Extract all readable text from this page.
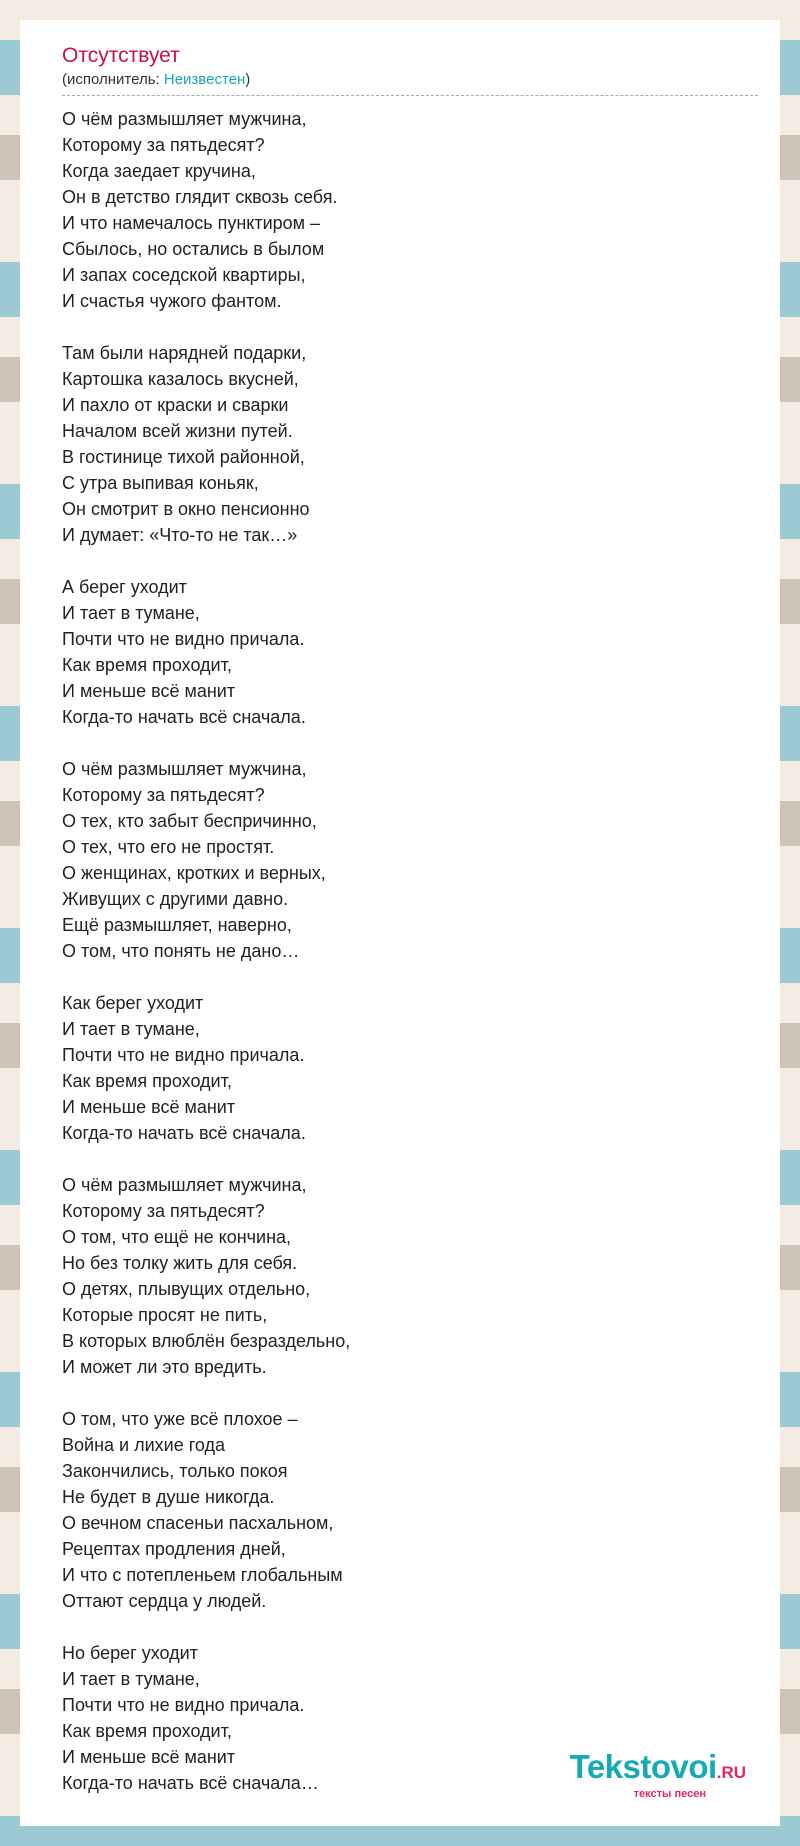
Отсутствует
(исполнитель: Неизвестен)
О чём размышляет мужчина,
Которому за пятьдесят?
Когда заедает кручина,
Он в детство глядит сквозь себя.
И что намечалось пунктиром –
Сбылось, но остались в былом
И запах соседской квартиры,
И счастья чужого фантом.
Там были нарядней подарки,
Картошка казалось вкусней,
И пахло от краски и сварки
Началом всей жизни путей.
В гостинице тихой районной,
С утра выпивая коньяк,
Он смотрит в окно пенсионно
И думает: «Что-то не так…»
А берег уходит
И тает в тумане,
Почти что не видно причала.
Как время проходит,
И меньше всё манит
Когда-то начать всё сначала.
О чём размышляет мужчина,
Которому за пятьдесят?
О тех, кто забыт беспричинно,
О тех, что его не простят.
О женщинах, кротких и верных,
Живущих с другими давно.
Ещё размышляет, наверно,
О том, что понять не дано…
Как берег уходит
И тает в тумане,
Почти что не видно причала.
Как время проходит,
И меньше всё манит
Когда-то начать всё сначала.
О чём размышляет мужчина,
Которому за пятьдесят?
О том, что ещё не кончина,
Но без толку жить для себя.
О детях, плывущих отдельно,
Которые просят не пить,
В которых влюблён безраздельно,
И может ли это вредить.
О том, что уже всё плохое –
Война и лихие года
Закончились, только покоя
Не будет в душе никогда.
О вечном спасеньи пасхальном,
Рецептах продления дней,
И что с потепленьем глобальным
Оттают сердца у людей.
Но берег уходит
И тает в тумане,
Почти что не видно причала.
Как время проходит,
И меньше всё манит
Когда-то начать всё сначала…	Tekstovoi.RU
тексты песен
